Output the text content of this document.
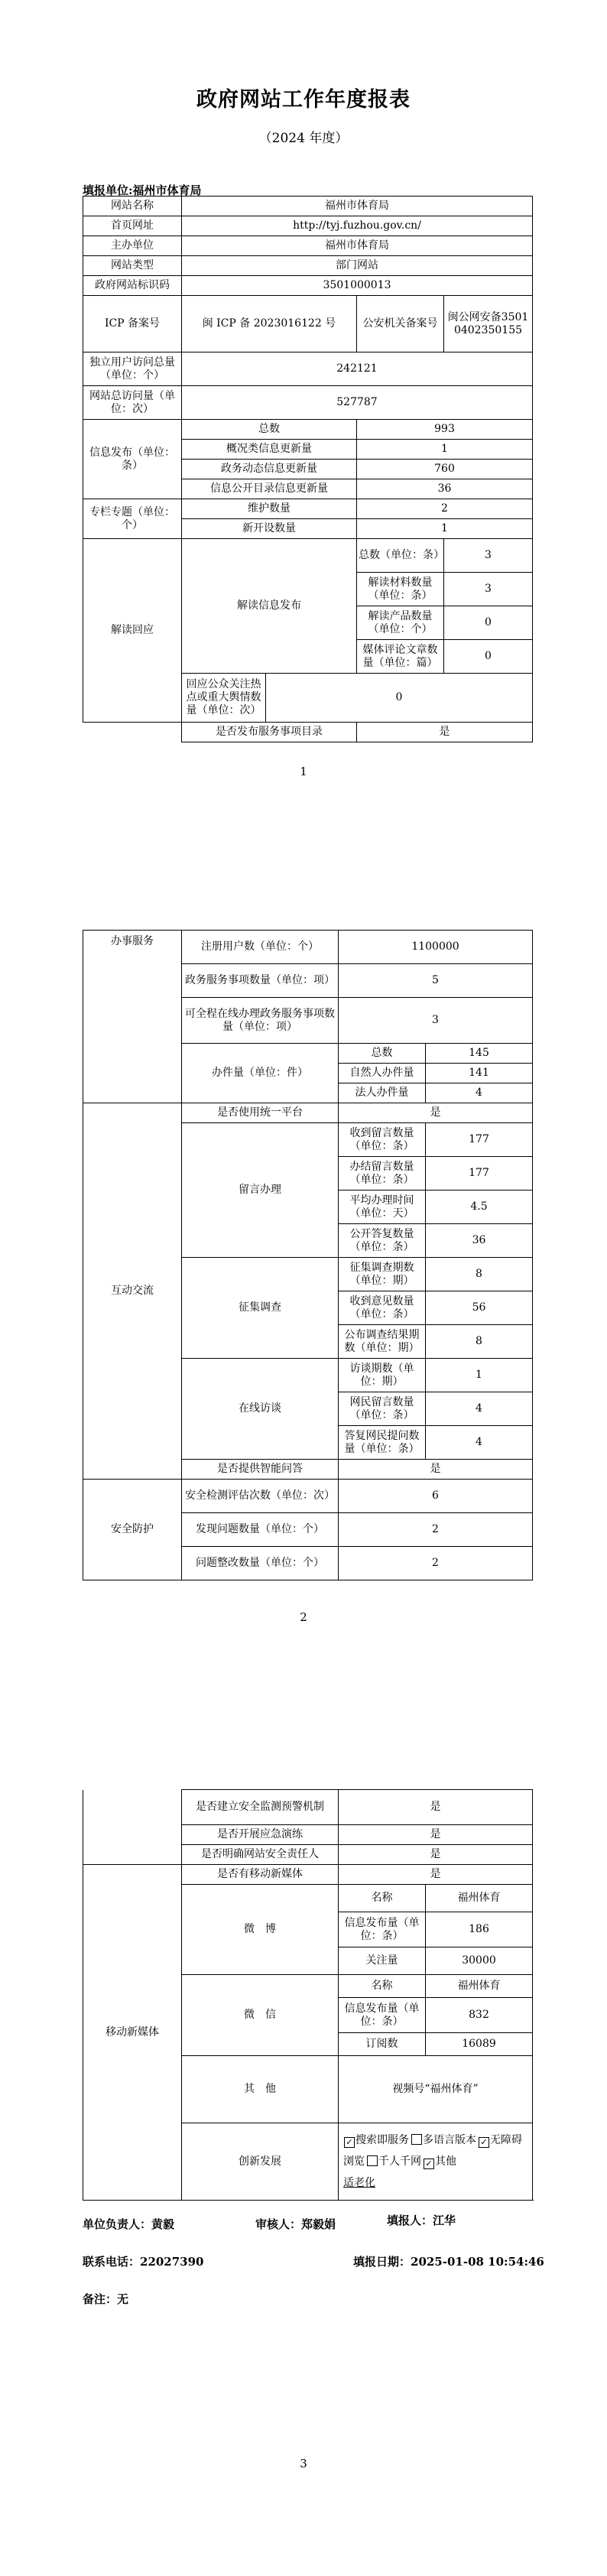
政府网站工作年度报表
（2024 年度）
填报单位:福州市体育局
网站名称	福州市体育局			
首页网址	http://tyj.fuzhou.gov.cn/			
主办单位	福州市体育局			
网站类型	部门网站			
政府网站标识码	3501000013			
ICP 备案号	闽 ICP 备 2023016122 号		公安机关备案号	闽公网安备35010402350155
独立用户访问总量（单位：个）	242121			
网站总访问量（单位：次）	527787			
信息发布（单位：条）	总数		993	
	概况类信息更新量		1	
	政务动态信息更新量		760	
	信息公开目录信息更新量		36	
专栏专题（单位：个）	维护数量		2	
	新开设数量		1	
解读回应	解读信息发布		总数（单位：条）	3
			解读材料数量（单位：条）	3
			解读产品数量（单位：个）	0
			媒体评论文章数量（单位：篇）	0
	回应公众关注热点或重大舆情数量（单位：次）	0		
	是否发布服务事项目录		是	
1
办事服务	注册用户数（单位：个）	1100000	
	政务服务事项数量（单位：项）	5	
	可全程在线办理政务服务事项数量（单位：项）	3	
	办件量（单位：件）	总数	145
		自然人办件量	141
		法人办件量	4
互动交流	是否使用统一平台	是	
	留言办理	收到留言数量（单位：条）	177
		办结留言数量（单位：条）	177
		平均办理时间（单位：天）	4.5
		公开答复数量（单位：条）	36
	征集调查	征集调查期数（单位：期）	8
		收到意见数量（单位：条）	56
		公布调查结果期数（单位：期）	8
	在线访谈	访谈期数（单位：期）	1
		网民留言数量（单位：条）	4
		答复网民提问数量（单位：条）	4
	是否提供智能问答	是	
安全防护	安全检测评估次数（单位：次）	6	
	发现问题数量（单位：个）	2	
	问题整改数量（单位：个）	2	
2
	是否建立安全监测预警机制	是	
	是否开展应急演练	是	
	是否明确网站安全责任人	是	
移动新媒体	是否有移动新媒体	是	
	微　博	名称	福州体育
		信息发布量（单位：条）	186
		关注量	30000
	微　信	名称	福州体育
		信息发布量（单位：条）	832
		订阅数	16089
	其　他	视频号“福州体育”	
	创新发展	✓ 搜索即服务 多语言版本 ✓ 无障碍浏览 千人千网 ✓ 其他
适老化	
单位负责人：黄毅	审核人：郑毅娟	填报人：江华
联系电话：22027390	填报日期：2025-01-08 10:54:46
备注：无
3
